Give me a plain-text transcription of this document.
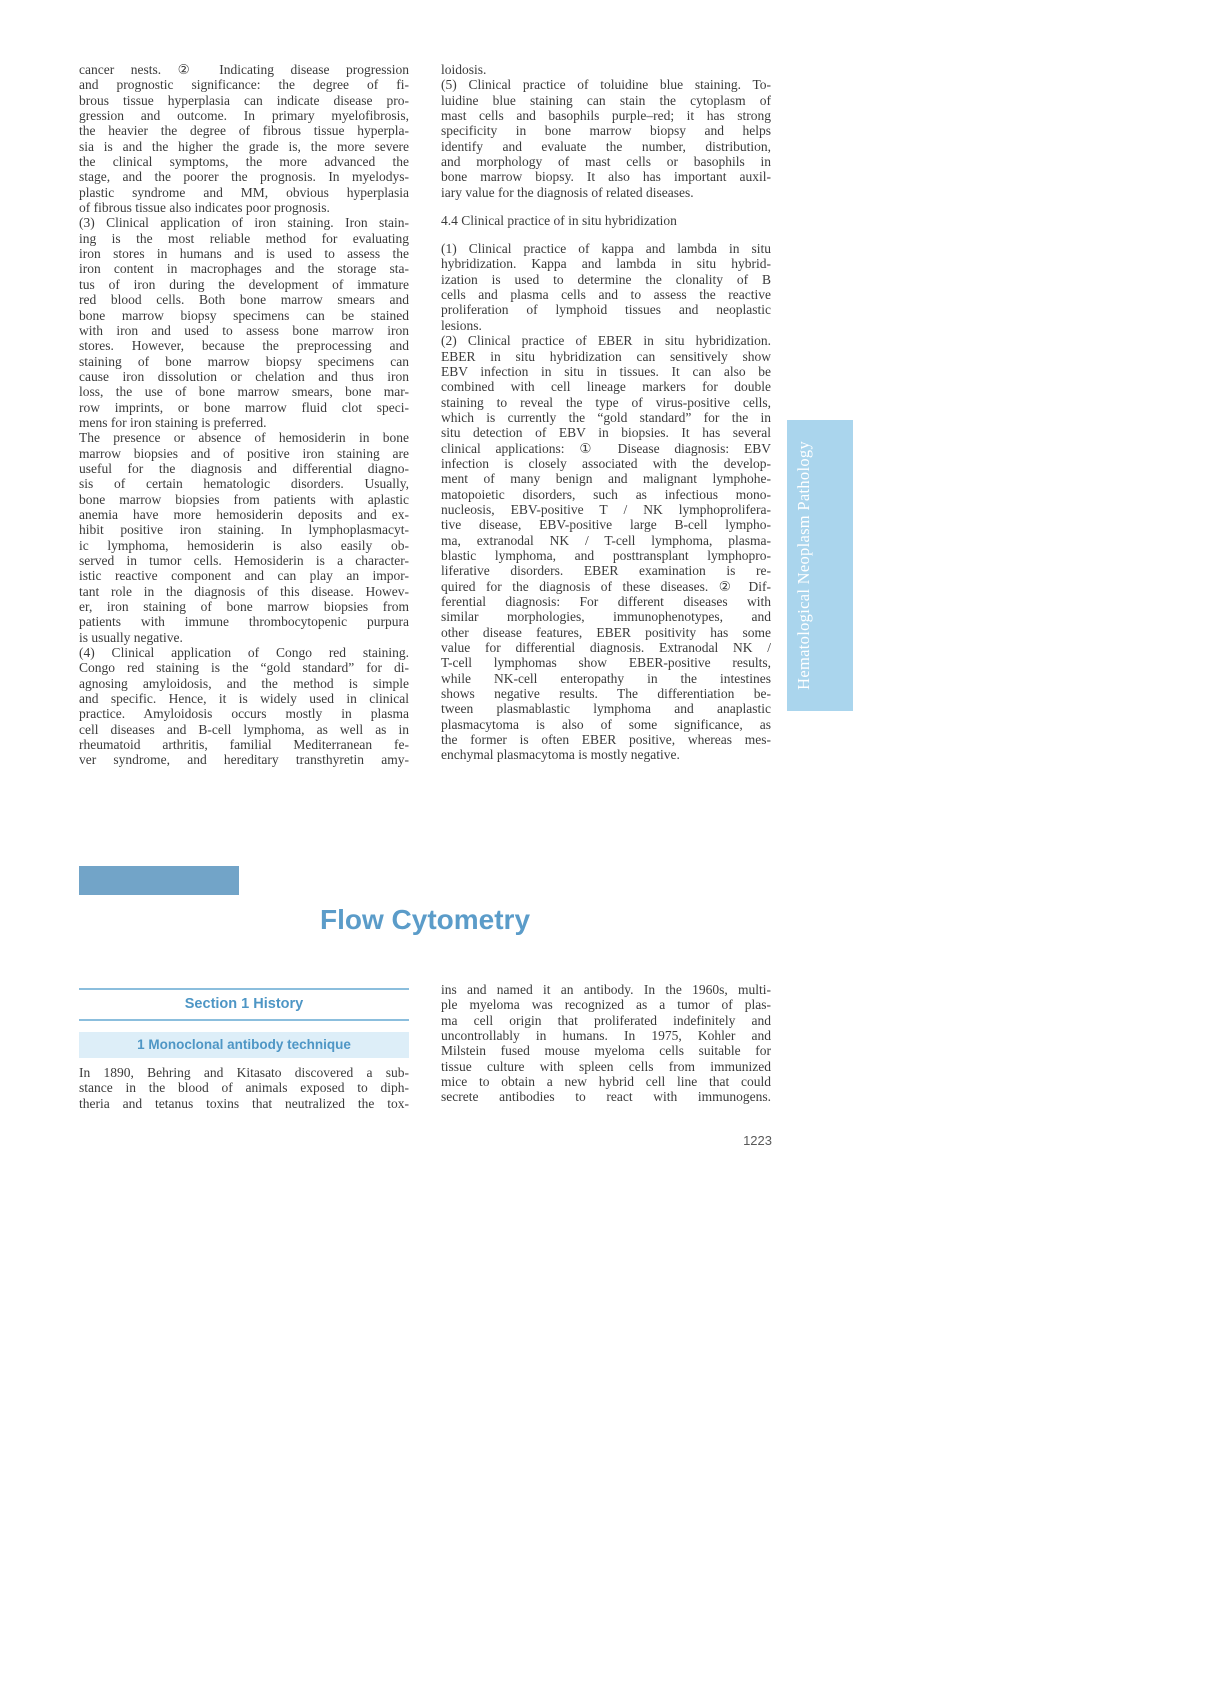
cancer nests. ② Indicating disease progression
and prognostic significance: the degree of fi-
brous tissue hyperplasia can indicate disease pro-
gression and outcome. In primary myelofibrosis,
the heavier the degree of fibrous tissue hyperpla-
sia is and the higher the grade is, the more severe
the clinical symptoms, the more advanced the
stage, and the poorer the prognosis. In myelodys-
plastic syndrome and MM, obvious hyperplasia
of fibrous tissue also indicates poor prognosis.
(3) Clinical application of iron staining. Iron stain-
ing is the most reliable method for evaluating
iron stores in humans and is used to assess the
iron content in macrophages and the storage sta-
tus of iron during the development of immature
red blood cells. Both bone marrow smears and
bone marrow biopsy specimens can be stained
with iron and used to assess bone marrow iron
stores. However, because the preprocessing and
staining of bone marrow biopsy specimens can
cause iron dissolution or chelation and thus iron
loss, the use of bone marrow smears, bone mar-
row imprints, or bone marrow fluid clot speci-
mens for iron staining is preferred.
The presence or absence of hemosiderin in bone
marrow biopsies and of positive iron staining are
useful for the diagnosis and differential diagno-
sis of certain hematologic disorders. Usually,
bone marrow biopsies from patients with aplastic
anemia have more hemosiderin deposits and ex-
hibit positive iron staining. In lymphoplasmacyt-
ic lymphoma, hemosiderin is also easily ob-
served in tumor cells. Hemosiderin is a character-
istic reactive component and can play an impor-
tant role in the diagnosis of this disease. Howev-
er, iron staining of bone marrow biopsies from
patients with immune thrombocytopenic purpura
is usually negative.
(4) Clinical application of Congo red staining.
Congo red staining is the “gold standard” for di-
agnosing amyloidosis, and the method is simple
and specific. Hence, it is widely used in clinical
practice. Amyloidosis occurs mostly in plasma
cell diseases and B-cell lymphoma, as well as in
rheumatoid arthritis, familial Mediterranean fe-
ver syndrome, and hereditary transthyretin amy-
loidosis.
(5) Clinical practice of toluidine blue staining. To-
luidine blue staining can stain the cytoplasm of
mast cells and basophils purple–red; it has strong
specificity in bone marrow biopsy and helps
identify and evaluate the number, distribution,
and morphology of mast cells or basophils in
bone marrow biopsy. It also has important auxil-
iary value for the diagnosis of related diseases.
4.4 Clinical practice of in situ hybridization
(1) Clinical practice of kappa and lambda in situ
hybridization. Kappa and lambda in situ hybrid-
ization is used to determine the clonality of B
cells and plasma cells and to assess the reactive
proliferation of lymphoid tissues and neoplastic
lesions.
(2) Clinical practice of EBER in situ hybridization.
EBER in situ hybridization can sensitively show
EBV infection in situ in tissues. It can also be
combined with cell lineage markers for double
staining to reveal the type of virus-positive cells,
which is currently the “gold standard” for the in
situ detection of EBV in biopsies. It has several
clinical applications: ① Disease diagnosis: EBV
infection is closely associated with the develop-
ment of many benign and malignant lymphohe-
matopoietic disorders, such as infectious mono-
nucleosis, EBV-positive T / NK lymphoprolifera-
tive disease, EBV-positive large B-cell lympho-
ma, extranodal NK / T-cell lymphoma, plasma-
blastic lymphoma, and posttransplant lymphopro-
liferative disorders. EBER examination is re-
quired for the diagnosis of these diseases. ② Dif-
ferential diagnosis: For different diseases with
similar morphologies, immunophenotypes, and
other disease features, EBER positivity has some
value for differential diagnosis. Extranodal NK /
T-cell lymphomas show EBER-positive results,
while NK-cell enteropathy in the intestines
shows negative results. The differentiation be-
tween plasmablastic lymphoma and anaplastic
plasmacytoma is also of some significance, as
the former is often EBER positive, whereas mes-
enchymal plasmacytoma is mostly negative.

Chapter  Ⅱ
	Flow Cytometry
Section 1 History
1 Monoclonal antibody technique
In 1890, Behring and Kitasato discovered a sub-
stance in the blood of animals exposed to diph-
theria and tetanus toxins that neutralized the tox-
ins and named it an antibody. In the 1960s, multi-
ple myeloma was recognized as a tumor of plas-
ma cell origin that proliferated indefinitely and
uncontrollably in humans. In 1975, Kohler and
Milstein fused mouse myeloma cells suitable for
tissue culture with spleen cells from immunized
mice to obtain a new hybrid cell line that could
secrete antibodies to react with immunogens.
1223
Hematological Neoplasm Pathology
